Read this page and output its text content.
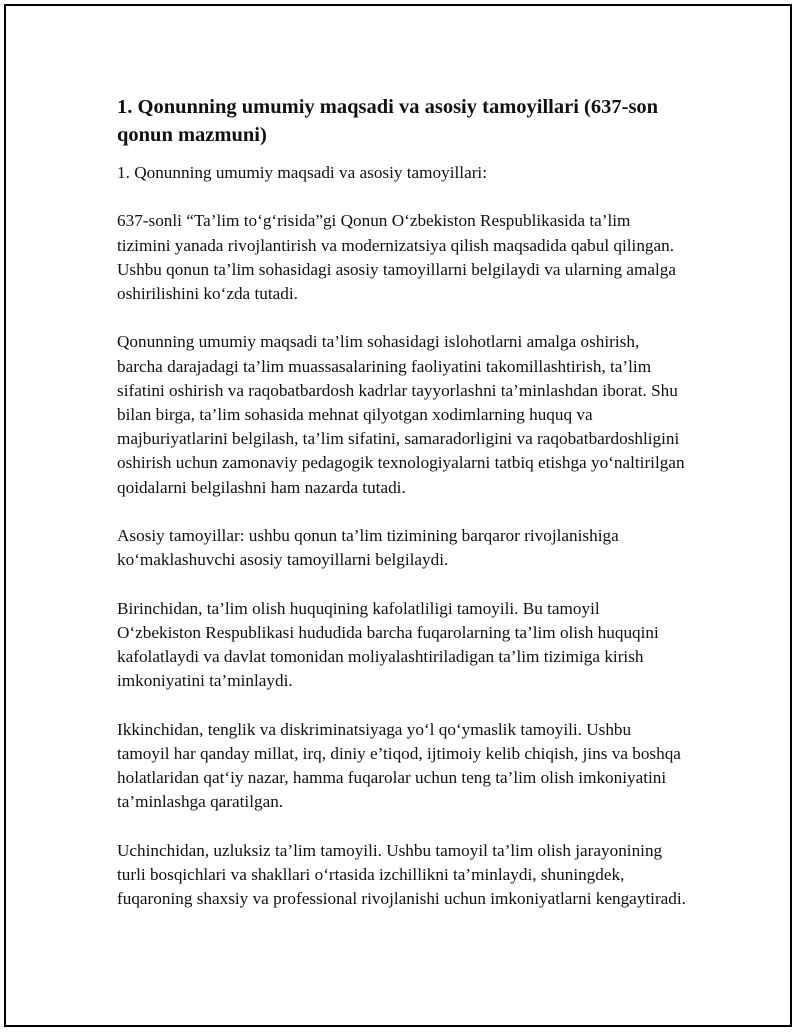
1. Qonunning umumiy maqsadi va asosiy tamoyillari (637-son qonun mazmuni)

1. Qonunning umumiy maqsadi va asosiy tamoyillari:

637-sonli “Ta’lim to‘g‘risida”gi Qonun O‘zbekiston Respublikasida ta’lim tizimini yanada rivojlantirish va modernizatsiya qilish maqsadida qabul qilingan. Ushbu qonun ta’lim sohasidagi asosiy tamoyillarni belgilaydi va ularning amalga oshirilishini ko‘zda tutadi.

Qonunning umumiy maqsadi ta’lim sohasidagi islohotlarni amalga oshirish, barcha darajadagi ta’lim muassasalarining faoliyatini takomillashtirish, ta’lim sifatini oshirish va raqobatbardosh kadrlar tayyorlashni ta’minlashdan iborat. Shu bilan birga, ta’lim sohasida mehnat qilyotgan xodimlarning huquq va majburiyatlarini belgilash, ta’lim sifatini, samaradorligini va raqobatbardoshligini oshirish uchun zamonaviy pedagogik texnologiyalarni tatbiq etishga yo‘naltirilgan qoidalarni belgilashni ham nazarda tutadi.

Asosiy tamoyillar: ushbu qonun ta’lim tizimining barqaror rivojlanishiga ko‘maklashuvchi asosiy tamoyillarni belgilaydi.

Birinchidan, ta’lim olish huquqining kafolatliligi tamoyili. Bu tamoyil O‘zbekiston Respublikasi hududida barcha fuqarolarning ta’lim olish huquqini kafolatlaydi va davlat tomonidan moliyalashtiriladigan ta’lim tizimiga kirish imkoniyatini ta’minlaydi.

Ikkinchidan, tenglik va diskriminatsiyaga yo‘l qo‘ymaslik tamoyili. Ushbu tamoyil har qanday millat, irq, diniy e’tiqod, ijtimoiy kelib chiqish, jins va boshqa holatlaridan qat‘iy nazar, hamma fuqarolar uchun teng ta’lim olish imkoniyatini ta’minlashga qaratilgan.

Uchinchidan, uzluksiz ta’lim tamoyili. Ushbu tamoyil ta’lim olish jarayonining turli bosqichlari va shakllari o‘rtasida izchillikni ta’minlaydi, shuningdek, fuqaroning shaxsiy va professional rivojlanishi uchun imkoniyatlarni kengaytiradi.
